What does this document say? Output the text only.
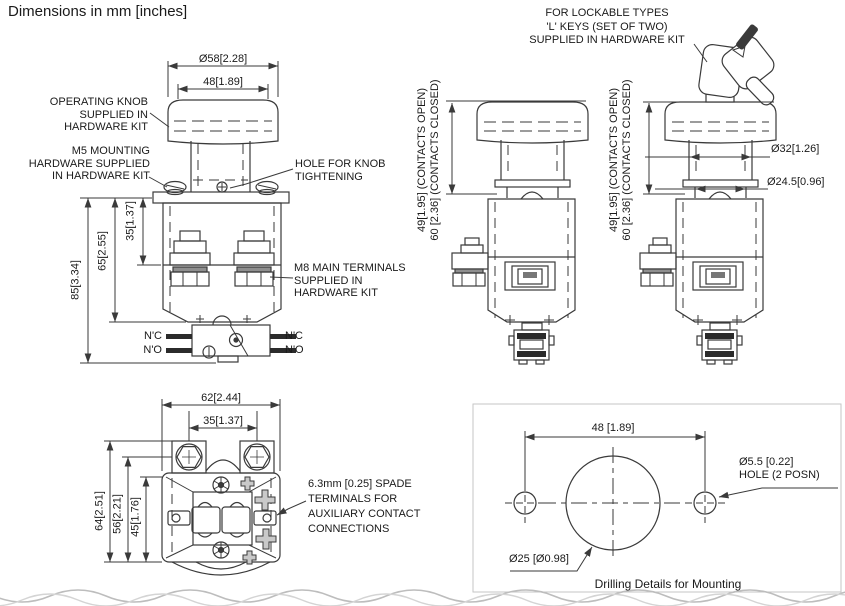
Dimensions in mm [inches]
OPERATING KNOB
SUPPLIED IN
HARDWARE KIT
M5 MOUNTING
HARDWARE SUPPLIED
IN HARDWARE KIT
HOLE FOR KNOB
TIGHTENING
M8 MAIN TERMINALS
SUPPLIED IN
HARDWARE KIT
N'C
N'O
N'C
N'O
Ø58[2.28]
48[1.89]
85[3.34]
65[2.55]
35[1.37]	49[1.95] (CONTACTS OPEN) 60 [2.36] (CONTACTS CLOSED)	49[1.95] (CONTACTS OPEN) 60 [2.36] (CONTACTS CLOSED)
FOR LOCKABLE TYPES
'L' KEYS (SET OF TWO)
SUPPLIED IN HARDWARE KIT
Ø32[1.26]
Ø24.5[0.96]
62[2.44]
35[1.37]
64[2.51] 56[2.21] 45[1.76]
6.3mm [0.25] SPADE
TERMINALS FOR
AUXILIARY CONTACT
CONNECTIONS
48 [1.89]
Ø5.5 [0.22]
HOLE (2 POSN)
Ø25 [Ø0.98]
Drilling Details for Mounting
